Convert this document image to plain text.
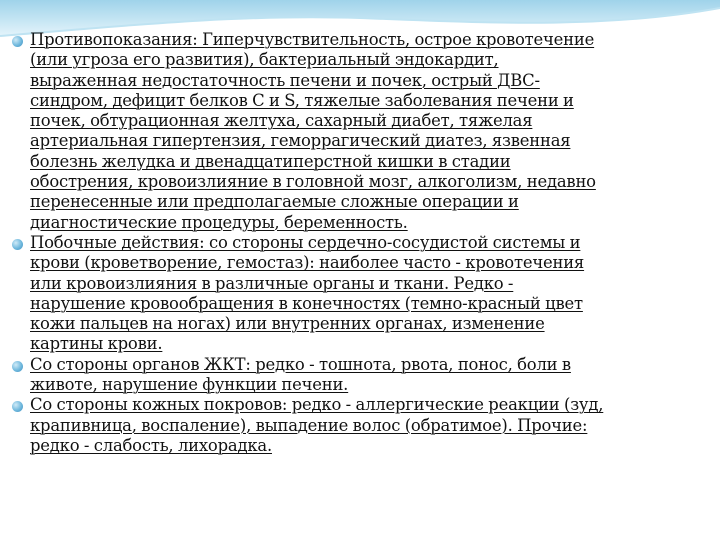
Противопоказания: Гиперчувствительность, острое кровотечение
(или угроза его развития), бактериальный эндокардит,
выраженная недостаточность печени и почек, острый ДВС-
синдром, дефицит белков С и S, тяжелые заболевания печени и
почек, обтурационная желтуха, сахарный диабет, тяжелая
артериальная гипертензия, геморрагический диатез, язвенная
болезнь желудка и двенадцатиперстной кишки в стадии
обострения, кровоизлияние в головной мозг, алкоголизм, недавно
перенесенные или предполагаемые сложные операции и
диагностические процедуры, беременность.
Побочные действия: со стороны сердечно-сосудистой системы и
крови (кроветворение, гемостаз): наиболее часто - кровотечения
или кровоизлияния в различные органы и ткани. Редко -
нарушение кровообращения в конечностях (темно-красный цвет
кожи пальцев на ногах) или внутренних органах, изменение
картины крови.
Со стороны органов ЖКТ: редко - тошнота, рвота, понос, боли в
животе, нарушение функции печени.
Со стороны кожных покровов: редко - аллергические реакции (зуд,
крапивница, воспаление), выпадение волос (обратимое). Прочие:
редко - слабость, лихорадка.
